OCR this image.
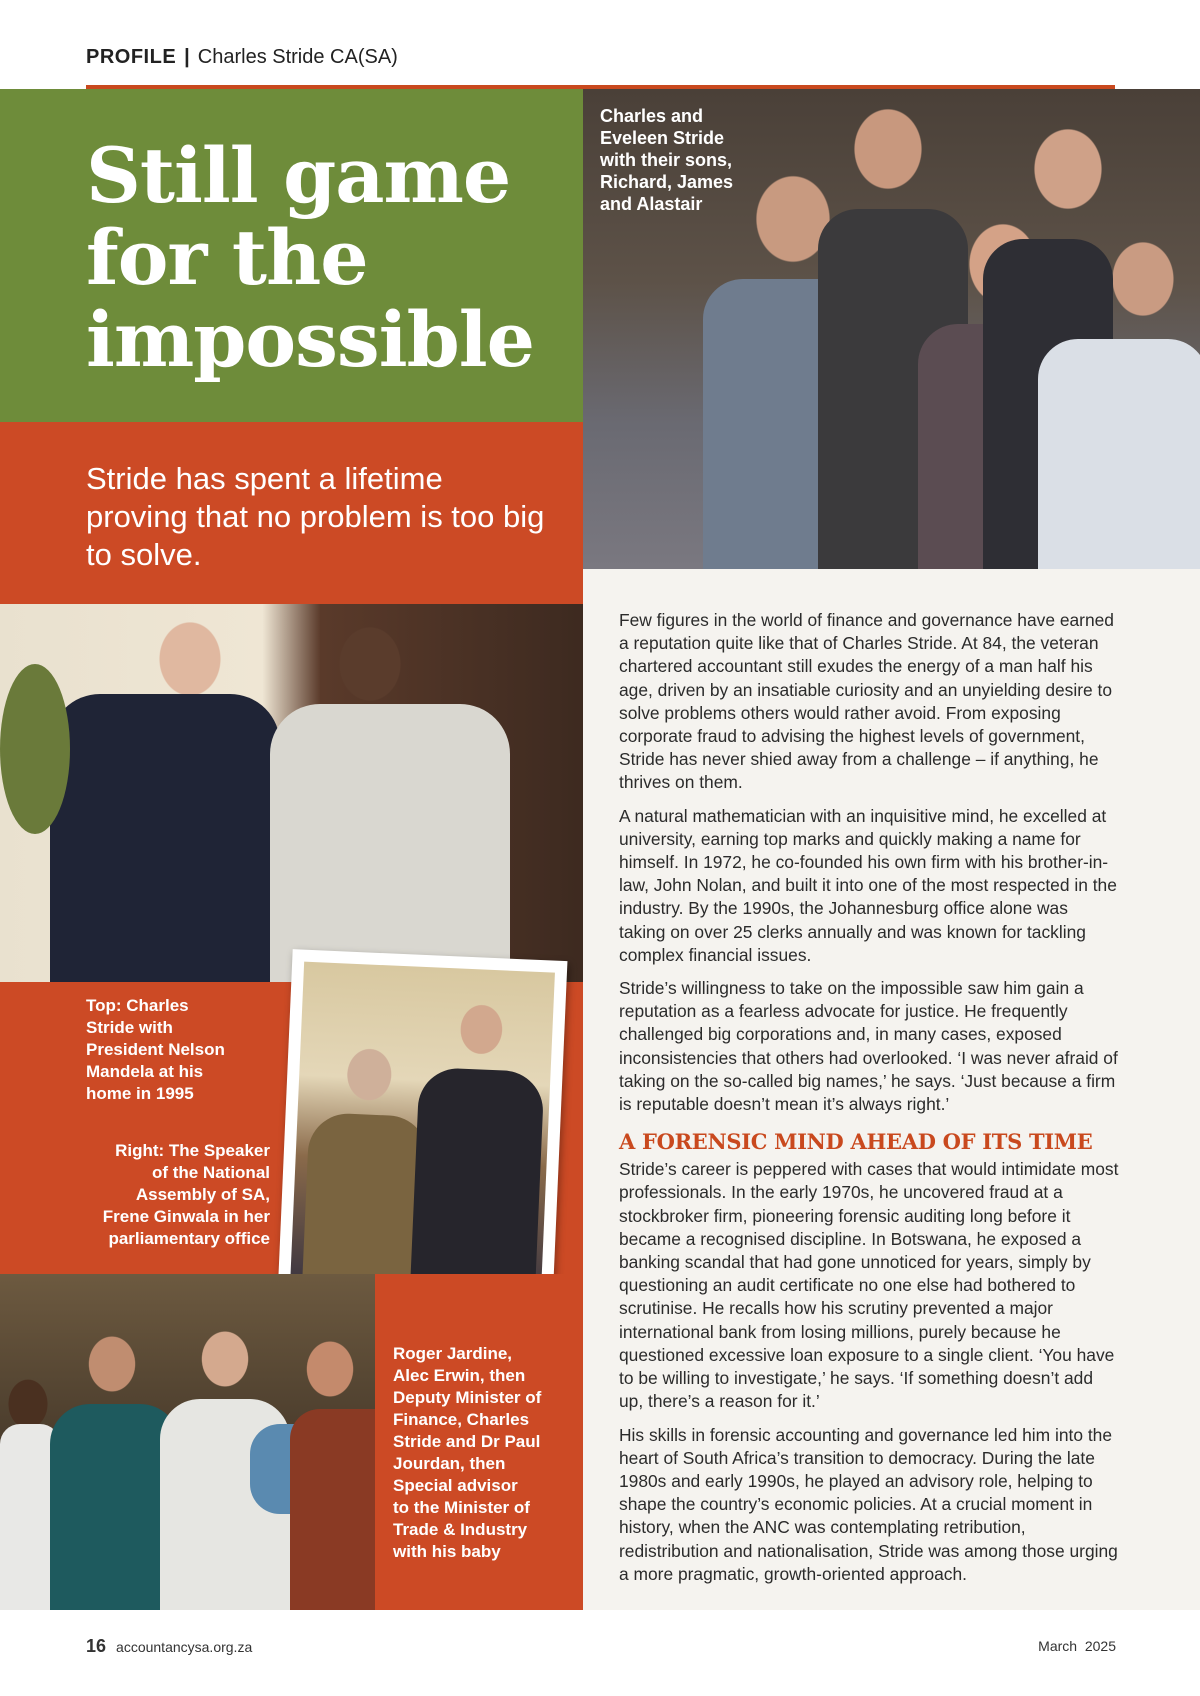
PROFILE | Charles Stride CA(SA)
Still game
for the
impossible

Stride has spent a lifetime proving that no problem is too big to solve.

Charles and
Eveleen Stride
with their sons,
Richard, James
and Alastair

Top: Charles
Stride with
President Nelson
Mandela at his
home in 1995

Right: The Speaker
of the National
Assembly of SA,
Frene Ginwala in her
parliamentary office

Roger Jardine,
Alec Erwin, then
Deputy Minister of
Finance, Charles
Stride and Dr Paul
Jourdan, then
Special advisor
to the Minister of
Trade & Industry
with his baby

Few figures in the world of finance and governance have earned a reputation quite like that of Charles Stride. At 84, the veteran chartered accountant still exudes the energy of a man half his age, driven by an insatiable curiosity and an unyielding desire to solve problems others would rather avoid. From exposing corporate fraud to advising the highest levels of government, Stride has never shied away from a challenge – if anything, he thrives on them.

A natural mathematician with an inquisitive mind, he excelled at university, earning top marks and quickly making a name for himself. In 1972, he co-founded his own firm with his brother-in-law, John Nolan, and built it into one of the most respected in the industry. By the 1990s, the Johannesburg office alone was taking on over 25 clerks annually and was known for tackling complex financial issues.

Stride’s willingness to take on the impossible saw him gain a reputation as a fearless advocate for justice. He frequently challenged big corporations and, in many cases, exposed inconsistencies that others had overlooked. ‘I was never afraid of taking on the so-called big names,’ he says. ‘Just because a firm is reputable doesn’t mean it’s always right.’

A FORENSIC MIND AHEAD OF ITS TIME

Stride’s career is peppered with cases that would intimidate most professionals. In the early 1970s, he uncovered fraud at a stockbroker firm, pioneering forensic auditing long before it became a recognised discipline. In Botswana, he exposed a banking scandal that had gone unnoticed for years, simply by questioning an audit certificate no one else had bothered to scrutinise. He recalls how his scrutiny prevented a major international bank from losing millions, purely because he questioned excessive loan exposure to a single client. ‘You have to be willing to investigate,’ he says. ‘If something doesn’t add up, there’s a reason for it.’

His skills in forensic accounting and governance led him into the heart of South Africa’s transition to democracy. During the late 1980s and early 1990s, he played an advisory role, helping to shape the country’s economic policies. At a crucial moment in history, when the ANC was contemplating retribution, redistribution and nationalisation, Stride was among those urging a more pragmatic, growth-oriented approach.

16 accountancysa.org.za	March  2025
